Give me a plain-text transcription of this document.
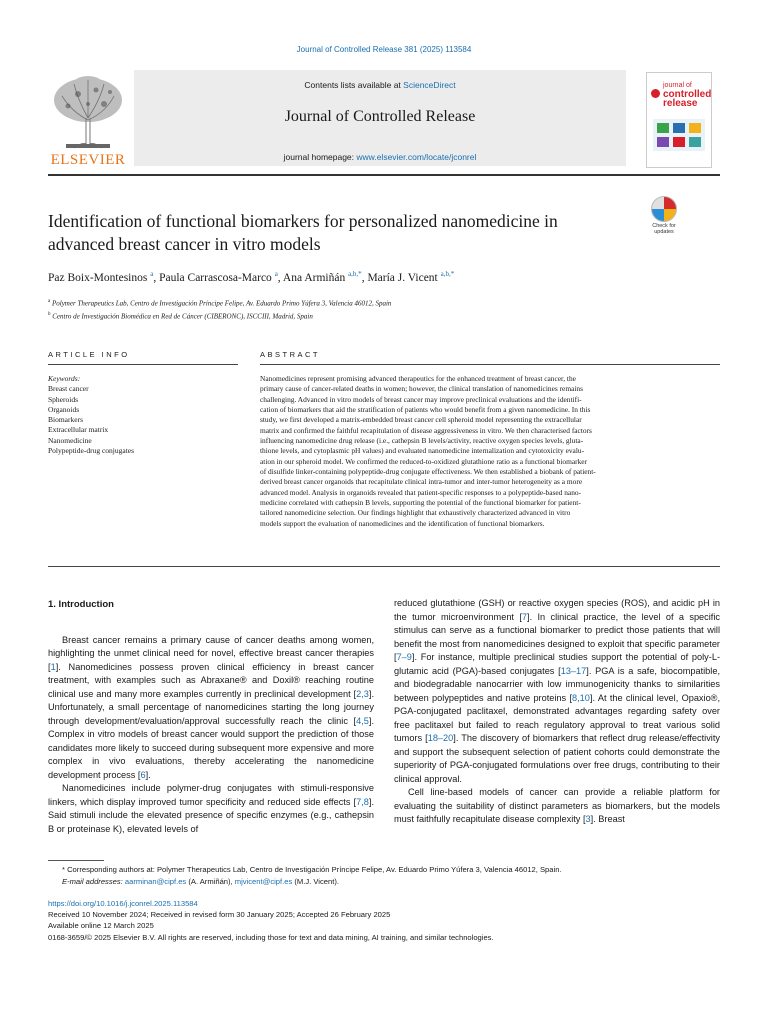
Journal of Controlled Release 381 (2025) 113584
ELSEVIER
Contents lists available at ScienceDirect
Journal of Controlled Release
journal homepage: www.elsevier.com/locate/jconrel
journal of
controlled
release
Identification of functional biomarkers for personalized nanomedicine in
advanced breast cancer in vitro models
Check for
updates
Paz Boix-Montesinos $^a$, Paula Carrascosa-Marco $^a$, Ana Armiñán $^{a,b,*}$, María J. Vicent $^{a,b,*}$
$^a$ Polymer Therapeutics Lab, Centro de Investigación Príncipe Felipe, Av. Eduardo Primo Yúfera 3, Valencia 46012, Spain
$^b$ Centro de Investigación Biomédica en Red de Cáncer (CIBERONC), ISCCIII, Madrid, Spain
ARTICLE INFO	ABSTRACT
Keywords:
Breast cancer
Spheroids
Organoids
Biomarkers
Extracellular matrix
Nanomedicine
Polypeptide-drug conjugates
Nanomedicines represent promising advanced therapeutics for the enhanced treatment of breast cancer, the
primary cause of cancer-related deaths in women; however, the clinical translation of nanomedicines remains
challenging. Advanced in vitro models of breast cancer may improve preclinical evaluations and the identifi-
cation of biomarkers that aid the stratification of patients who would benefit from a given nanomedicine. In this
study, we first developed a matrix-embedded breast cancer cell spheroid model representing the extracellular
matrix and confirmed the faithful recapitulation of disease aggressiveness in vitro. We then characterised factors
influencing nanomedicine drug release (i.e., cathepsin B levels/activity, reactive oxygen species levels, gluta-
thione levels, and cytoplasmic pH values) and evaluated nanomedicine internalization and cytotoxicity evalu-
ation in our spheroid model. We confirmed the reduced-to-oxidized glutathione ratio as a functional biomarker
of disulfide linker-containing polypeptide-drug conjugate effectiveness. We then established a biobank of patient-
derived breast cancer organoids that recapitulate clinical intra-tumor and inter-tumor heterogeneity as a more
advanced model. Analysis in organoids revealed that patient-specific responses to a polypeptide-based nano-
medicine correlated with cathepsin B levels, supporting the potential of the functional biomarker for patient-
tailored nanomedicine selection. Our findings highlight that exhaustively characterized advanced in vitro
models support the evaluation of nanomedicines and the identification of functional biomarkers.
1. Introduction

Breast cancer remains a primary cause of cancer deaths among women, highlighting the unmet clinical need for novel, effective breast cancer therapies [1]. Nanomedicines possess proven clinical efficiency in breast cancer treatment, with examples such as Abraxane® and Doxil® reaching routine clinical use and many more examples currently in preclinical development [2,3]. Unfortunately, a small percentage of nanomedicines starting the long journey through development/evaluation/approval successfully reach the clinic [4,5]. Complex in vitro models of breast cancer would support the prediction of those candidates more likely to succeed during subsequent more expensive and more complex in vivo evaluations, thereby accelerating the nanomedicine development process [6].

Nanomedicines include polymer-drug conjugates with stimuli-responsive linkers, which display improved tumor specificity and reduced side effects [7,8]. Said stimuli include the elevated presence of specific enzymes (e.g., cathepsin B or proteinase K), elevated levels of

reduced glutathione (GSH) or reactive oxygen species (ROS), and acidic pH in the tumor microenvironment [7]. In clinical practice, the level of a specific stimulus can serve as a functional biomarker to predict those patients that will benefit the most from nanomedicines designed to exploit that specific parameter [7–9]. For instance, multiple preclinical studies support the potential of poly-L-glutamic acid (PGA)-based conjugates [13–17]. PGA is a safe, biocompatible, and biodegradable nanocarrier with low immunogenicity thanks to similarities between polypeptides and native proteins [8,10]. At the clinical level, Opaxio®, PGA-conjugated paclitaxel, demonstrated advantages regarding safety over free paclitaxel but failed to reach regulatory approval to treat various solid tumors [18–20]. The discovery of biomarkers that reflect drug release/effectivity and support the subsequent selection of patient cohorts could demonstrate the superiority of PGA-conjugated formulations over free drugs, contributing to their clinical approval.

Cell line-based models of cancer can provide a reliable platform for evaluating the suitability of distinct parameters as biomarkers, but the models must faithfully recapitulate disease complexity [3]. Breast

* Corresponding authors at: Polymer Therapeutics Lab, Centro de Investigación Príncipe Felipe, Av. Eduardo Primo Yúfera 3, Valencia 46012, Spain.
E-mail addresses: aarminan@cipf.es (A. Armiñán), mjvicent@cipf.es (M.J. Vicent).
https://doi.org/10.1016/j.jconrel.2025.113584
Received 10 November 2024; Received in revised form 30 January 2025; Accepted 26 February 2025
Available online 12 March 2025
0168-3659/© 2025 Elsevier B.V. All rights are reserved, including those for text and data mining, AI training, and similar technologies.
